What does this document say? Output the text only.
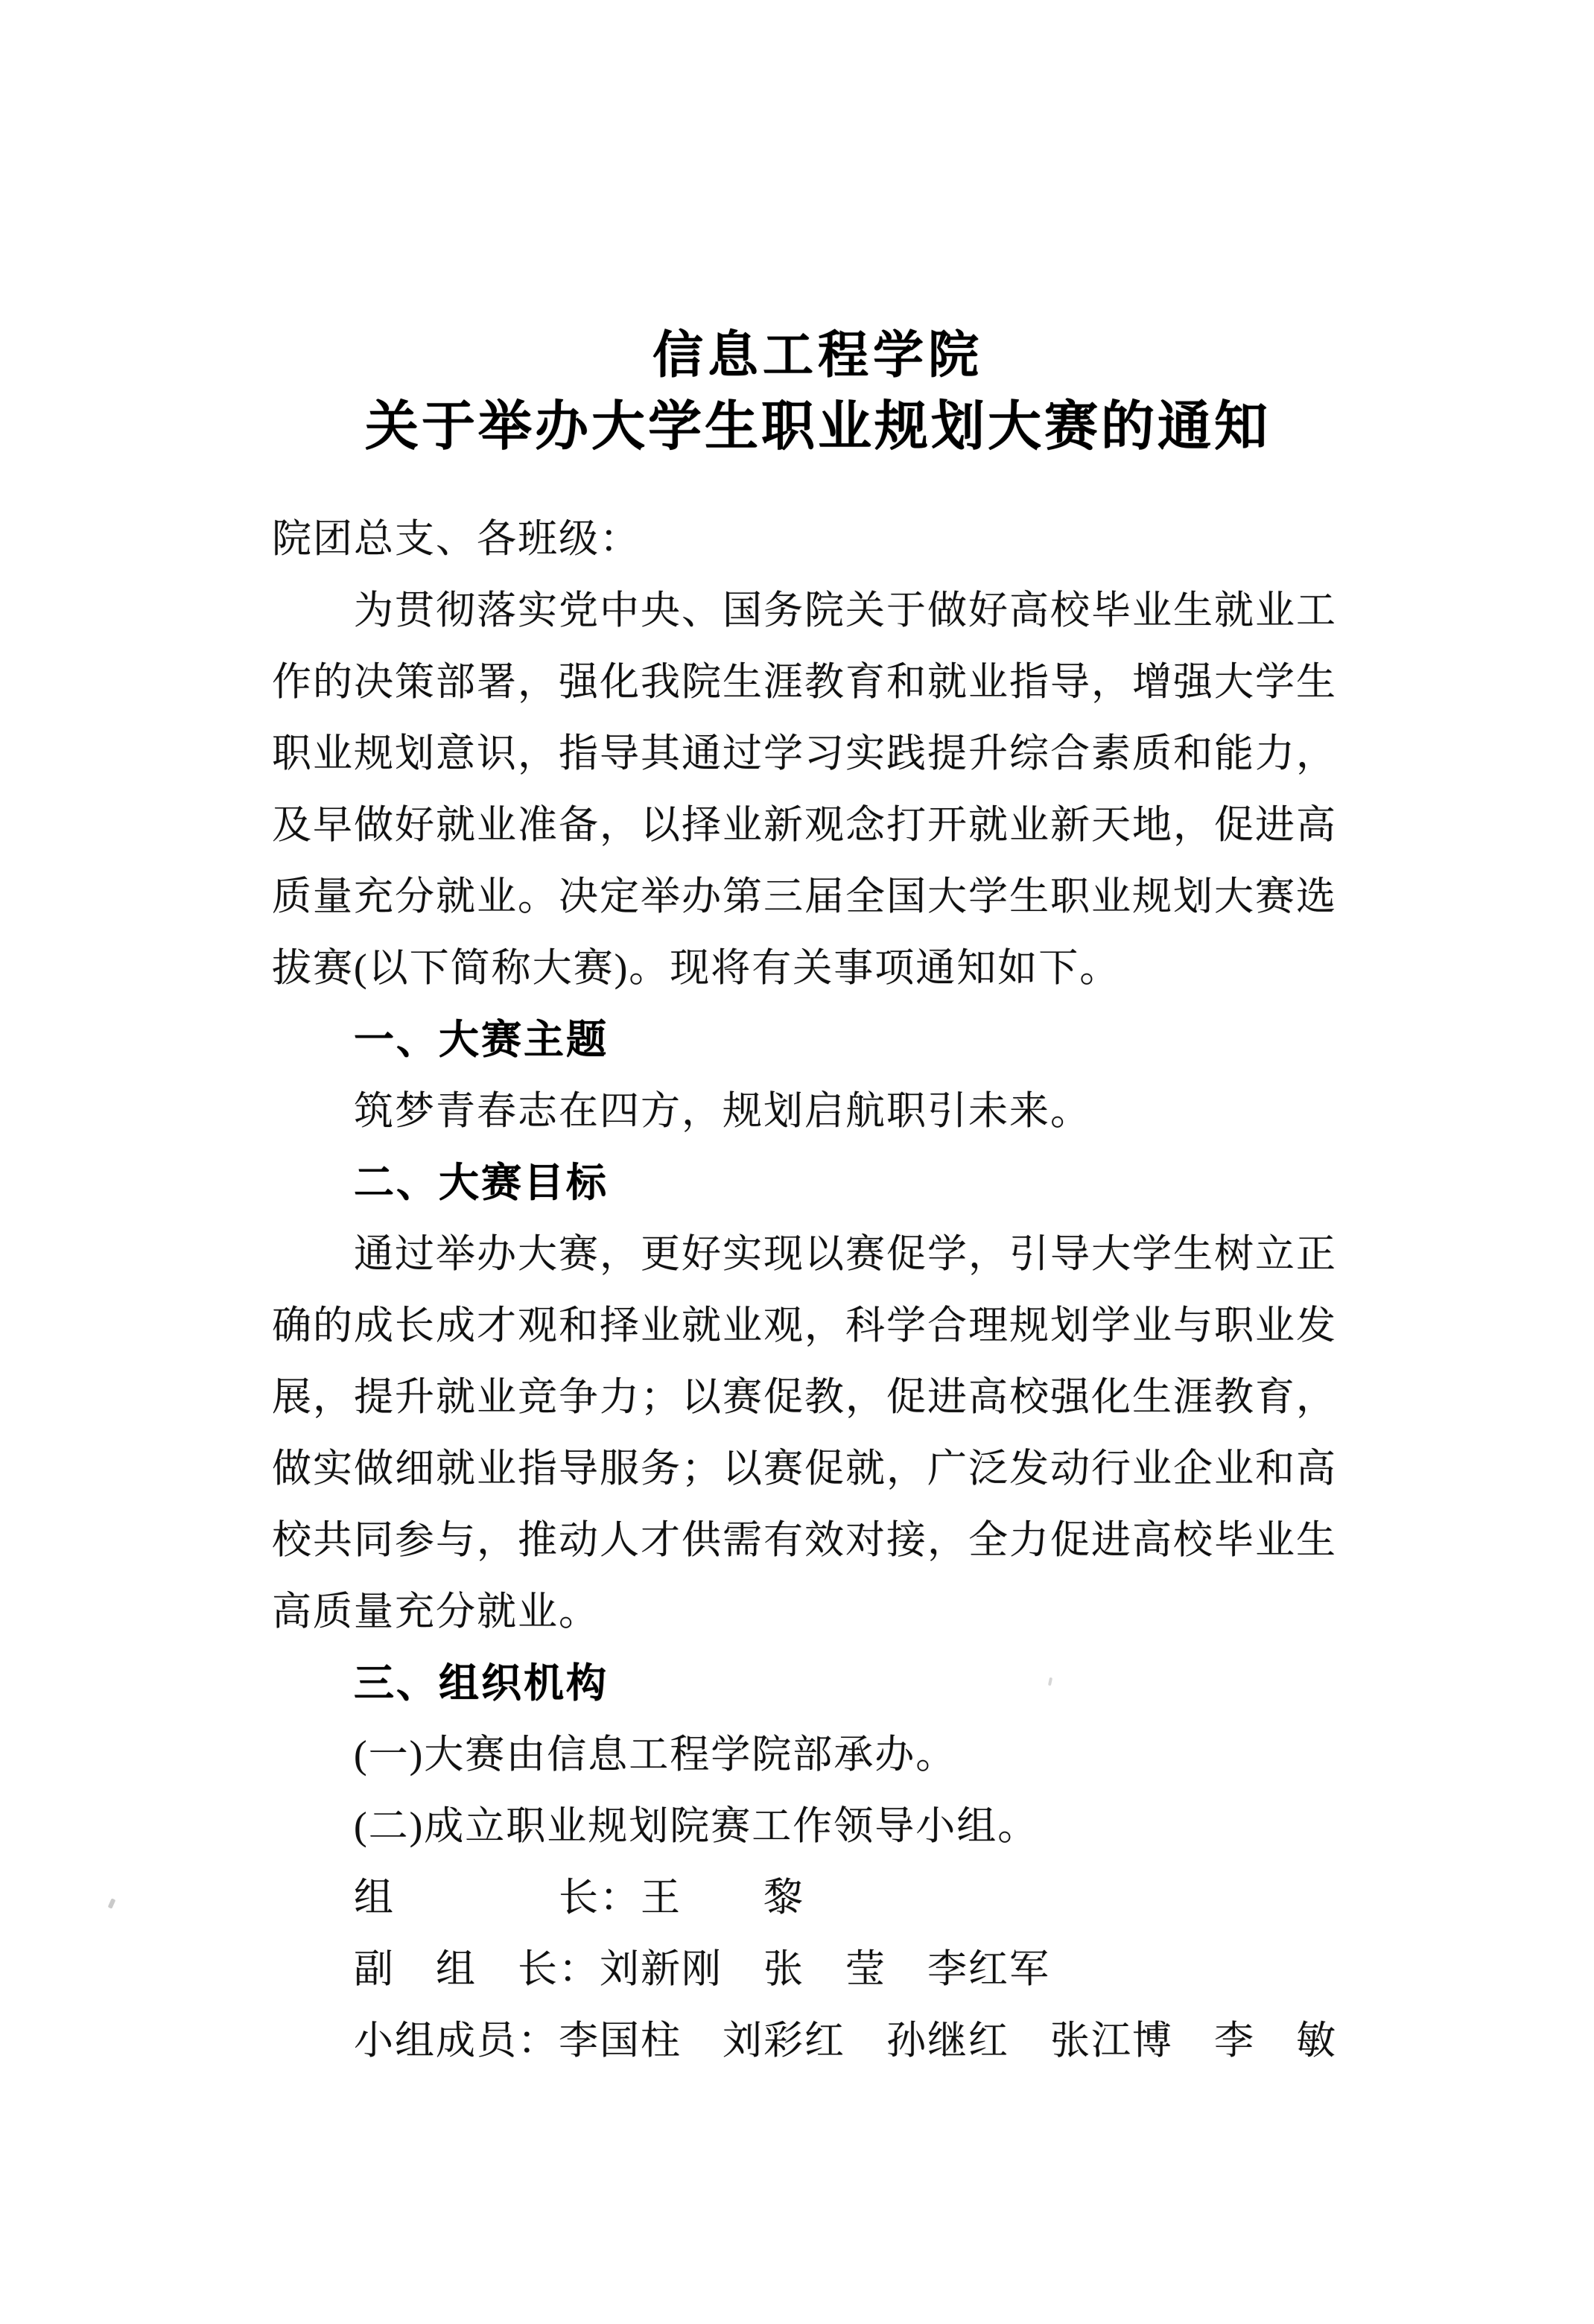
信息工程学院
关于举办大学生职业规划大赛的通知
院团总支、各班级：
为贯彻落实党中央、国务院关于做好高校毕业生就业工
作的决策部署，强化我院生涯教育和就业指导，增强大学生
职业规划意识，指导其通过学习实践提升综合素质和能力，
及早做好就业准备，以择业新观念打开就业新天地，促进高
质量充分就业。决定举办第三届全国大学生职业规划大赛选
拔赛(以下简称大赛)。现将有关事项通知如下。
一、大赛主题
筑梦青春志在四方，规划启航职引未来。
二、大赛目标
通过举办大赛，更好实现以赛促学，引导大学生树立正
确的成长成才观和择业就业观，科学合理规划学业与职业发
展，提升就业竞争力；以赛促教，促进高校强化生涯教育，
做实做细就业指导服务；以赛促就，广泛发动行业企业和高
校共同参与，推动人才供需有效对接，全力促进高校毕业生
高质量充分就业。
三、组织机构
(一)大赛由信息工程学院部承办。
(二)成立职业规划院赛工作领导小组。
组　　　　长：王　　黎
副　组　长：刘新刚　张　莹　李红军
小组成员：李国柱　刘彩红　孙继红　张江博　李　敏
